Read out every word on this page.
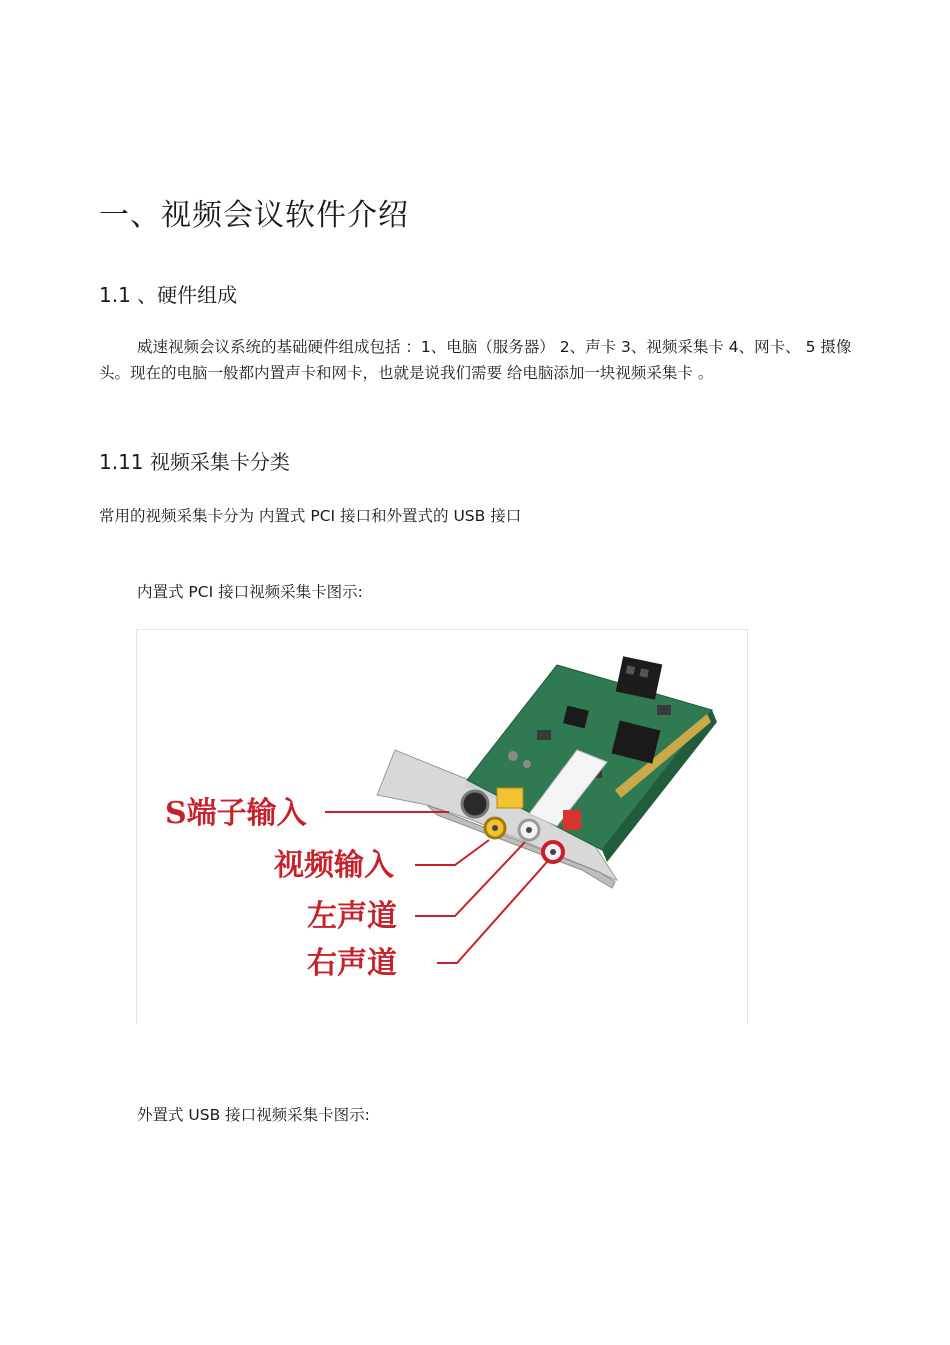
一、视频会议软件介绍
1.1 、硬件组成
威速视频会议系统的基础硬件组成包括 ：1、电脑（服务器） 2、声卡 3、视频采集卡 4、网卡、 5 摄像头。现在的电脑一般都内置声卡和网卡，也就是说我们需要 给电脑添加一块视频采集卡 。
1.11 视频采集卡分类
常用的视频采集卡分为 内置式 PCI 接口和外置式的 USB 接口
内置式 PCI 接口视频采集卡图示:
S端子输入
视频输入
左声道
右声道
外置式 USB 接口视频采集卡图示:
